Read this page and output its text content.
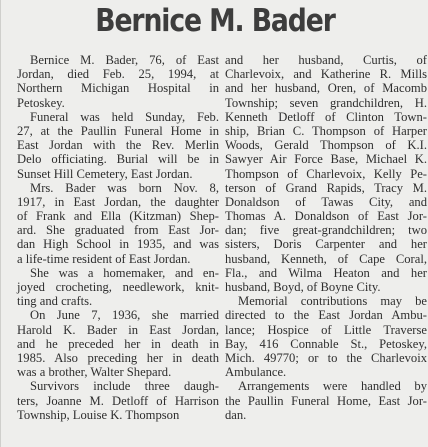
Bernice M. Bader
Bernice M. Bader, 76, of East
Jordan, died Feb. 25, 1994, at
Northern Michigan Hospital in
Petoskey.
Funeral was held Sunday, Feb.
27, at the Paullin Funeral Home in
East Jordan with the Rev. Merlin
Delo officiating. Burial will be in
Sunset Hill Cemetery, East Jordan.
Mrs. Bader was born Nov. 8,
1917, in East Jordan, the daughter
of Frank and Ella (Kitzman) Shep-
ard. She graduated from East Jor-
dan High School in 1935, and was
a life-time resident of East Jordan.
She was a homemaker, and en-
joyed crocheting, needlework, knit-
ting and crafts.
On June 7, 1936, she married
Harold K. Bader in East Jordan,
and he preceded her in death in
1985. Also preceding her in death
was a brother, Walter Shepard.
Survivors include three daugh-
ters, Joanne M. Detloff of Harrison
Township, Louise K. Thompson
and her husband, Curtis, of
Charlevoix, and Katherine R. Mills
and her husband, Oren, of Macomb
Township; seven grandchildren, H.
Kenneth Detloff of Clinton Town-
ship, Brian C. Thompson of Harper
Woods, Gerald Thompson of K.I.
Sawyer Air Force Base, Michael K.
Thompson of Charlevoix, Kelly Pe-
terson of Grand Rapids, Tracy M.
Donaldson of Tawas City, and
Thomas A. Donaldson of East Jor-
dan; five great-grandchildren; two
sisters, Doris Carpenter and her
husband, Kenneth, of Cape Coral,
Fla., and Wilma Heaton and her
husband, Boyd, of Boyne City.
Memorial contributions may be
directed to the East Jordan Ambu-
lance; Hospice of Little Traverse
Bay, 416 Connable St., Petoskey,
Mich. 49770; or to the Charlevoix
Ambulance.
Arrangements were handled by
the Paullin Funeral Home, East Jor-
dan.
